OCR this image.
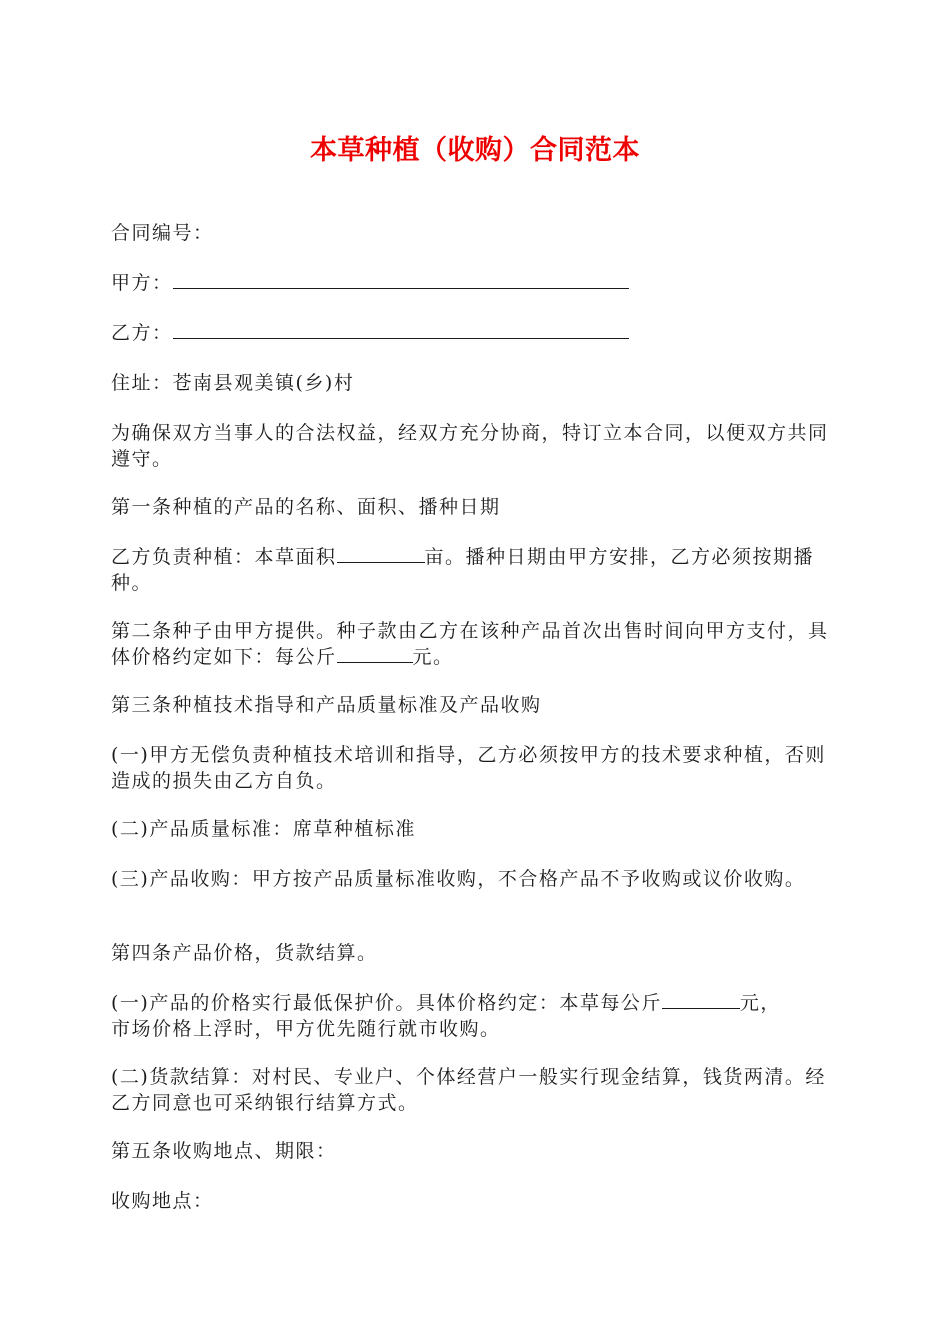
本草种植（收购）合同范本
合同编号：
甲方：
乙方：
住址：苍南县观美镇(乡)村
为确保双方当事人的合法权益，经双方充分协商，特订立本合同，以便双方共同遵守。
第一条种植的产品的名称、面积、播种日期
乙方负责种植：本草面积	亩。播种日期由甲方安排，乙方必须按期播种。
第二条种子由甲方提供。种子款由乙方在该种产品首次出售时间向甲方支付，具体价格约定如下：每公斤	元。
第三条种植技术指导和产品质量标准及产品收购
(一)甲方无偿负责种植技术培训和指导，乙方必须按甲方的技术要求种植，否则造成的损失由乙方自负。
(二)产品质量标准：席草种植标准
(三)产品收购：甲方按产品质量标准收购，不合格产品不予收购或议价收购。
第四条产品价格，货款结算。
(一)产品的价格实行最低保护价。具体价格约定：本草每公斤	元，
市场价格上浮时，甲方优先随行就市收购。
(二)货款结算：对村民、专业户、个体经营户一般实行现金结算，钱货两清。经乙方同意也可采纳银行结算方式。
第五条收购地点、期限：
收购地点：
